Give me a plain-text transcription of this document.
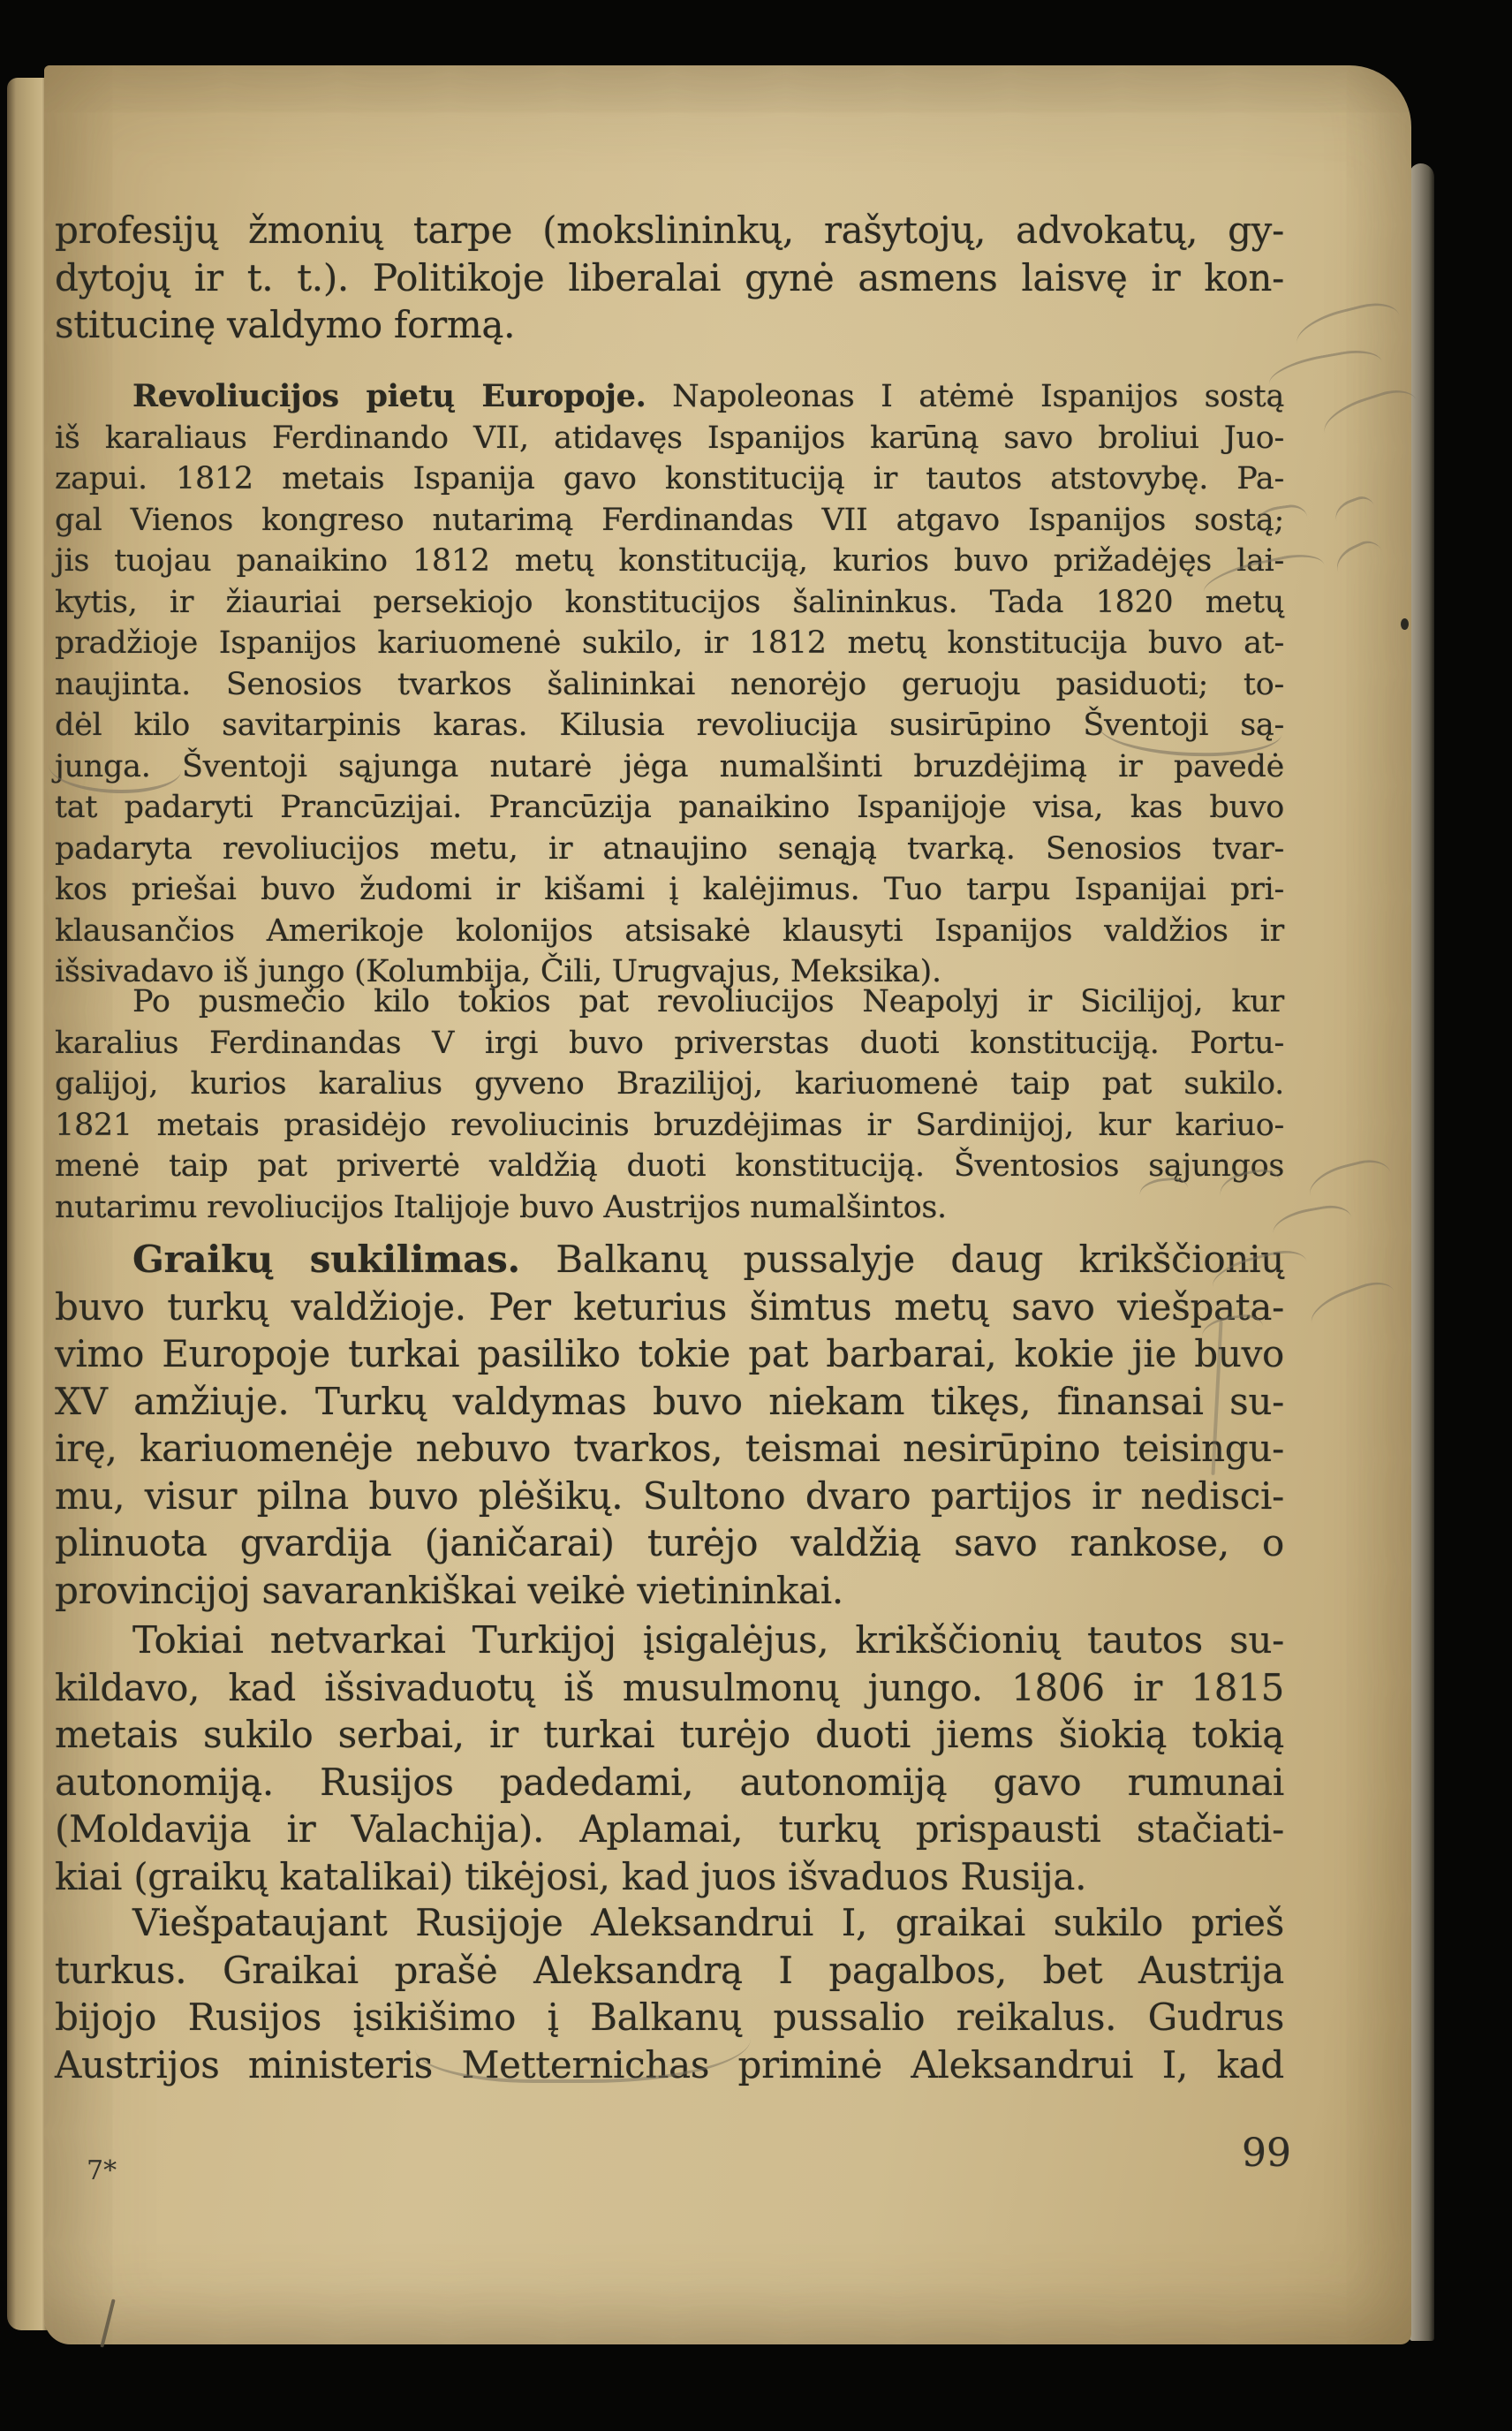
profesijų žmonių tarpe (mokslininkų, rašytojų, advokatų, gy-
dytojų ir t. t.). Politikoje liberalai gynė asmens laisvę ir kon-
stitucinę valdymo formą.
Revoliucijos pietų Europoje. Napoleonas I atėmė Ispanijos sostą
iš karaliaus Ferdinando VII, atidavęs Ispanijos karūną savo broliui Juo-
zapui. 1812 metais Ispanija gavo konstituciją ir tautos atstovybę. Pa-
gal Vienos kongreso nutarimą Ferdinandas VII atgavo Ispanijos sostą;
jis tuojau panaikino 1812 metų konstituciją, kurios buvo prižadėjęs lai-
kytis, ir žiauriai persekiojo konstitucijos šalininkus. Tada 1820 metų
pradžioje Ispanijos kariuomenė sukilo, ir 1812 metų konstitucija buvo at-
naujinta. Senosios tvarkos šalininkai nenorėjo geruoju pasiduoti; to-
dėl kilo savitarpinis karas. Kilusia revoliucija susirūpino Šventoji są-
junga. Šventoji sąjunga nutarė jėga numalšinti bruzdėjimą ir pavedė
tat padaryti Prancūzijai. Prancūzija panaikino Ispanijoje visa, kas buvo
padaryta revoliucijos metu, ir atnaujino senąją tvarką. Senosios tvar-
kos priešai buvo žudomi ir kišami į kalėjimus. Tuo tarpu Ispanijai pri-
klausančios Amerikoje kolonijos atsisakė klausyti Ispanijos valdžios ir
išsivadavo iš jungo (Kolumbija, Čili, Urugvajus, Meksika).
Po pusmečio kilo tokios pat revoliucijos Neapolyj ir Sicilijoj, kur
karalius Ferdinandas V irgi buvo priverstas duoti konstituciją. Portu-
galijoj, kurios karalius gyveno Brazilijoj, kariuomenė taip pat sukilo.
1821 metais prasidėjo revoliucinis bruzdėjimas ir Sardinijoj, kur kariuo-
menė taip pat privertė valdžią duoti konstituciją. Šventosios sąjungos
nutarimu revoliucijos Italijoje buvo Austrijos numalšintos.
Graikų sukilimas. Balkanų pussalyje daug krikščionių
buvo turkų valdžioje. Per keturius šimtus metų savo viešpata-
vimo Europoje turkai pasiliko tokie pat barbarai, kokie jie buvo
XV amžiuje. Turkų valdymas buvo niekam tikęs, finansai su-
irę, kariuomenėje nebuvo tvarkos, teismai nesirūpino teisingu-
mu, visur pilna buvo plėšikų. Sultono dvaro partijos ir nedisci-
plinuota gvardija (janičarai) turėjo valdžią savo rankose, o
provincijoj savarankiškai veikė vietininkai.
Tokiai netvarkai Turkijoj įsigalėjus, krikščionių tautos su-
kildavo, kad išsivaduotų iš musulmonų jungo. 1806 ir 1815
metais sukilo serbai, ir turkai turėjo duoti jiems šiokią tokią
autonomiją. Rusijos padedami, autonomiją gavo rumunai
(Moldavija ir Valachija). Aplamai, turkų prispausti stačiati-
kiai (graikų katalikai) tikėjosi, kad juos išvaduos Rusija.
Viešpataujant Rusijoje Aleksandrui I, graikai sukilo prieš
turkus. Graikai prašė Aleksandrą I pagalbos, bet Austrija
bijojo Rusijos įsikišimo į Balkanų pussalio reikalus. Gudrus
Austrijos ministeris Metternichas priminė Aleksandrui I, kad
7*	99
